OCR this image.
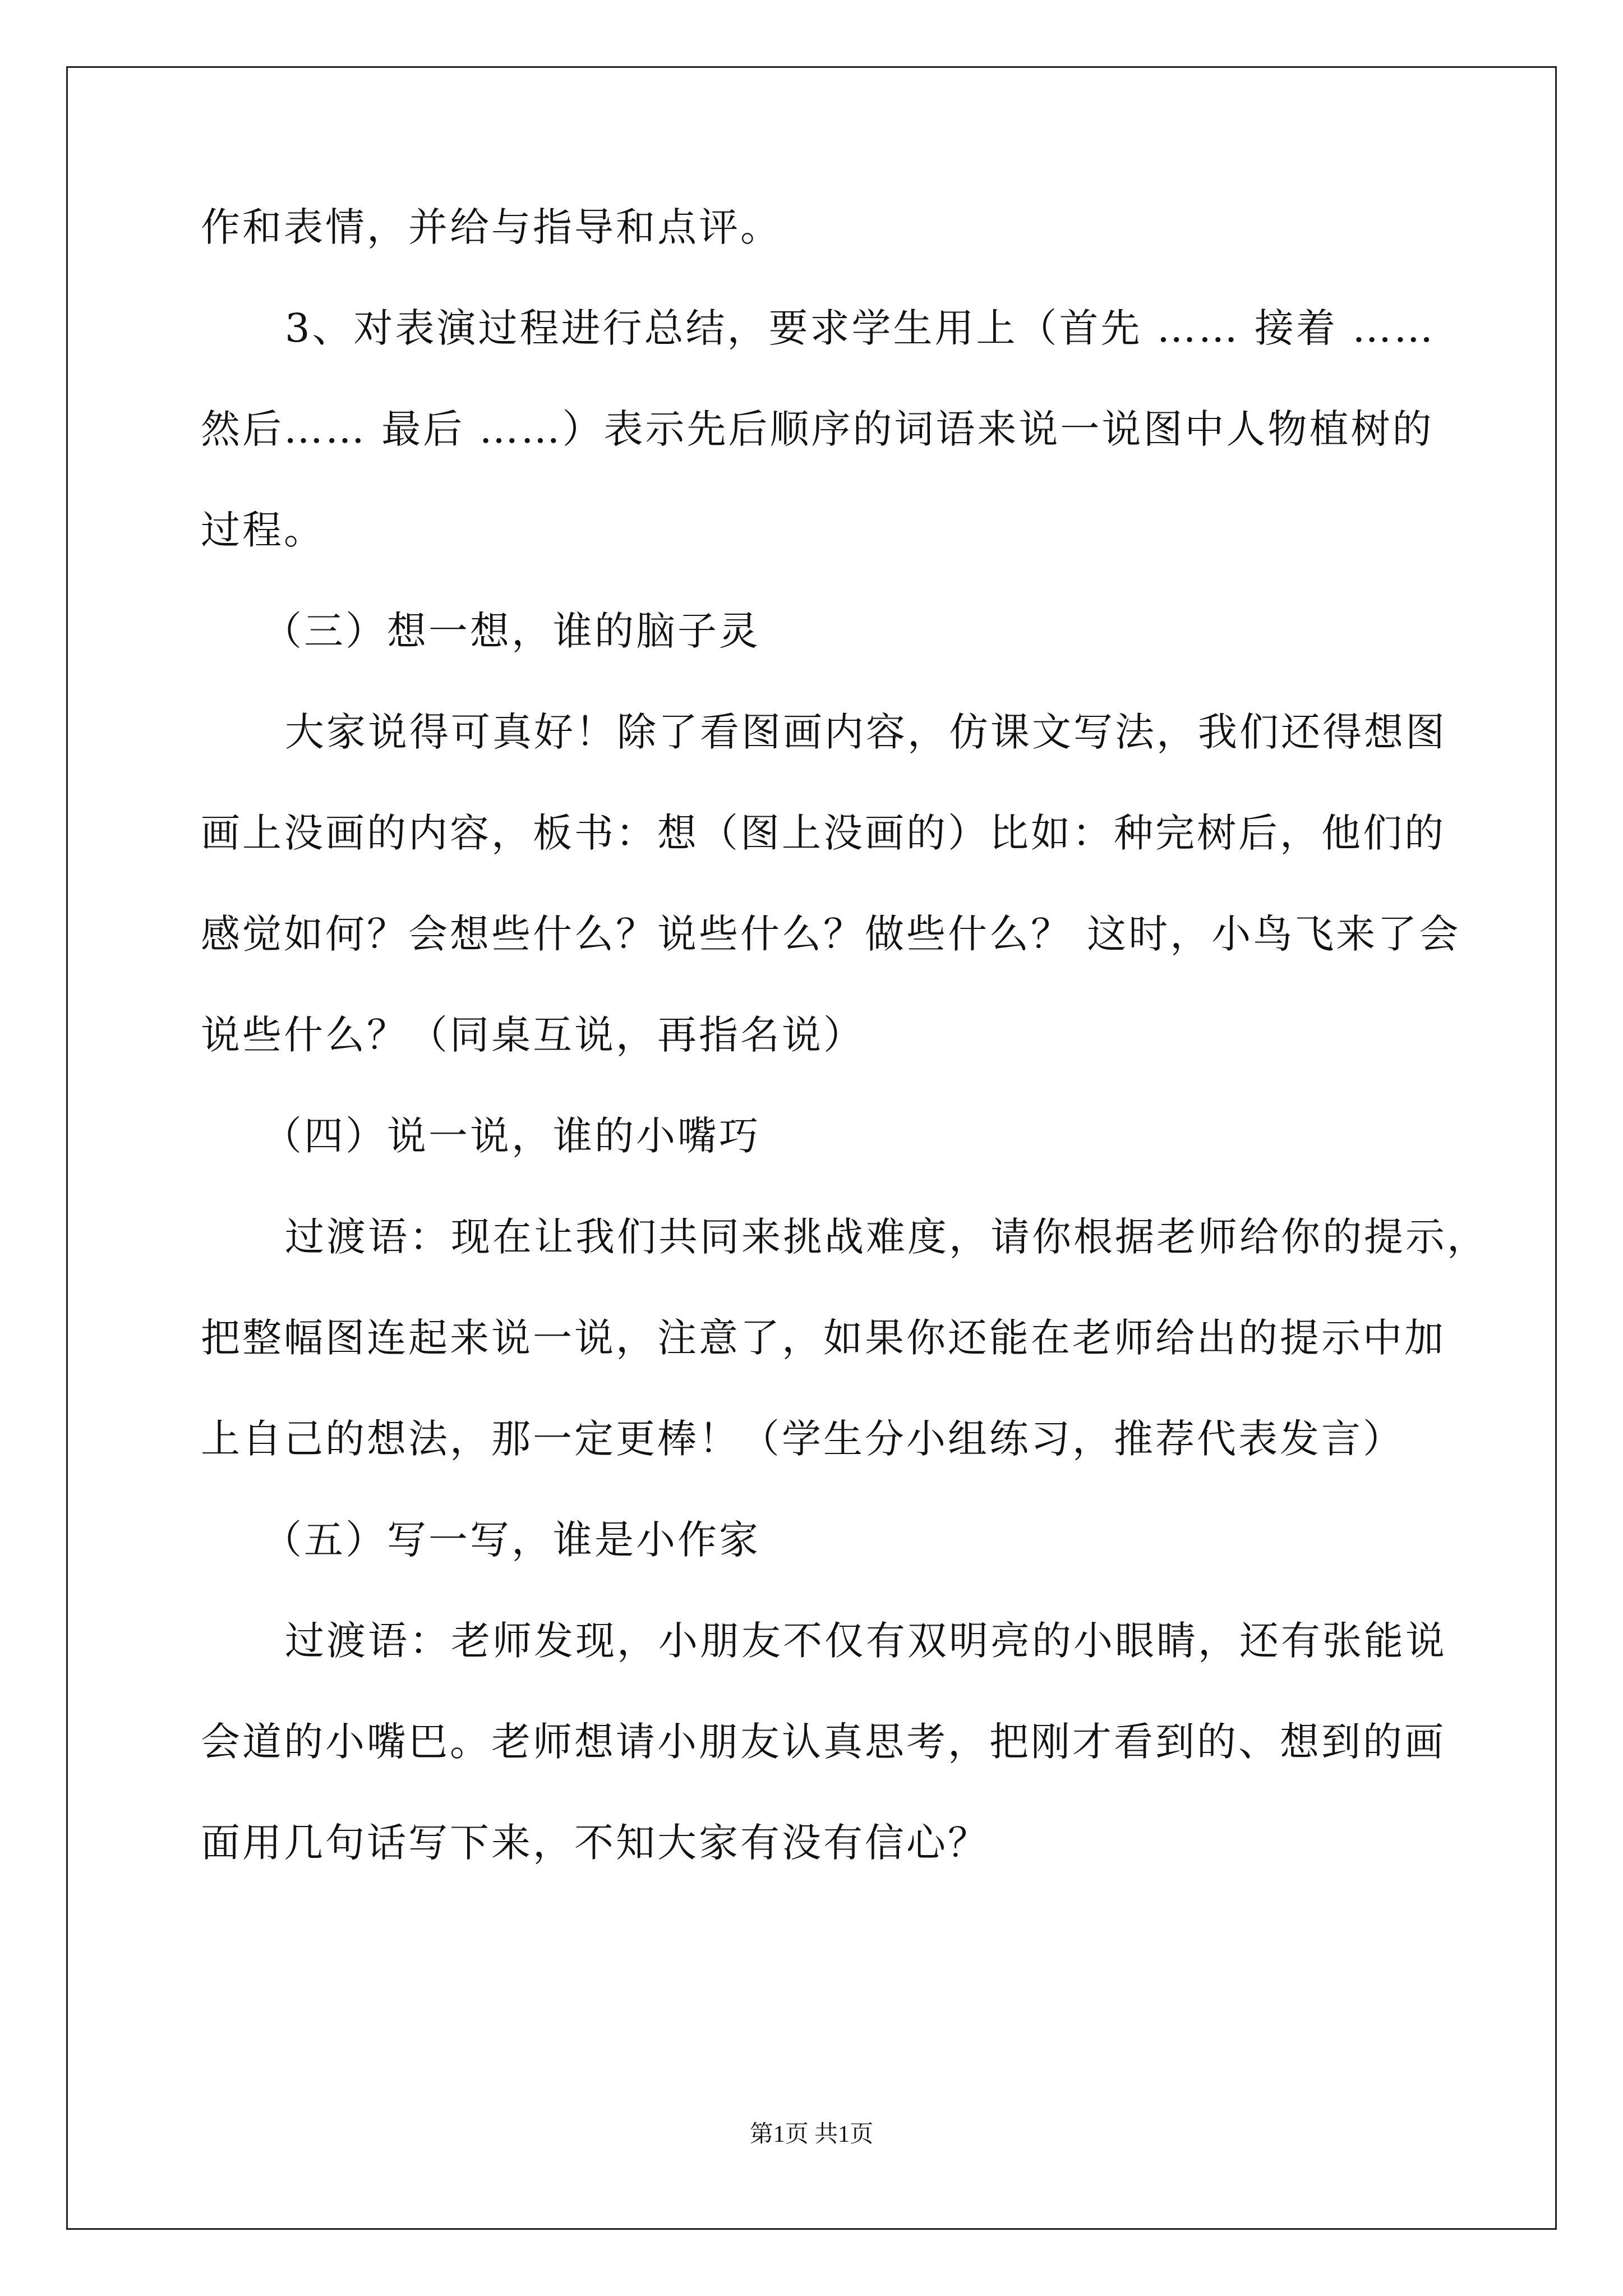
作和表情，并给与指导和点评。
3、对表演过程进行总结，要求学生用上（首先 …… 接着 ……
然后…… 最后 ……）表示先后顺序的词语来说一说图中人物植树的
过程。
（三）想一想，谁的脑子灵
大家说得可真好！除了看图画内容，仿课文写法，我们还得想图
画上没画的内容，板书：想（图上没画的）比如：种完树后，他们的
感觉如何？会想些什么？说些什么？做些什么？ 这时，小鸟飞来了会
说些什么？（同桌互说，再指名说）
（四）说一说，谁的小嘴巧
过渡语：现在让我们共同来挑战难度，请你根据老师给你的提示，
把整幅图连起来说一说，注意了，如果你还能在老师给出的提示中加
上自己的想法，那一定更棒！（学生分小组练习，推荐代表发言）
（五）写一写，谁是小作家
过渡语：老师发现，小朋友不仅有双明亮的小眼睛，还有张能说
会道的小嘴巴。老师想请小朋友认真思考，把刚才看到的、想到的画
面用几句话写下来，不知大家有没有信心？
第1页 共1页
